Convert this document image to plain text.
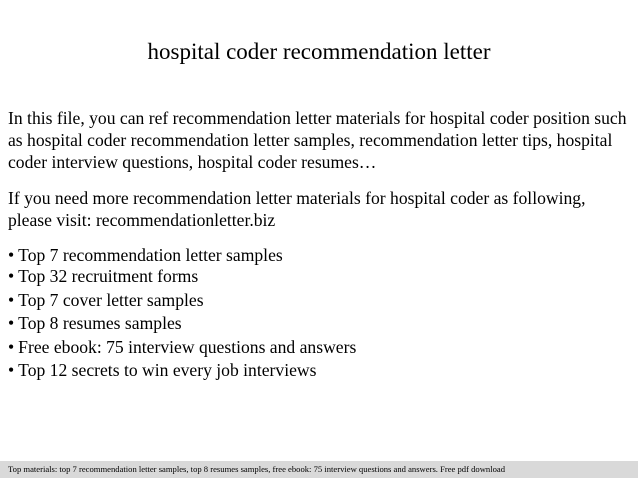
hospital coder recommendation letter

In this file, you can ref recommendation letter materials for hospital coder position such
as hospital coder recommendation letter samples, recommendation letter tips, hospital
coder interview questions, hospital coder resumes…

If you need more recommendation letter materials for hospital coder as following,
please visit: recommendationletter.biz

• Top 7 recommendation letter samples
• Top 32 recruitment forms
• Top 7 cover letter samples
• Top 8 resumes samples
• Free ebook: 75 interview questions and answers
• Top 12 secrets to win every job interviews
Top materials: top 7 recommendation letter samples, top 8 resumes samples, free ebook: 75 interview questions and answers. Free pdf download
